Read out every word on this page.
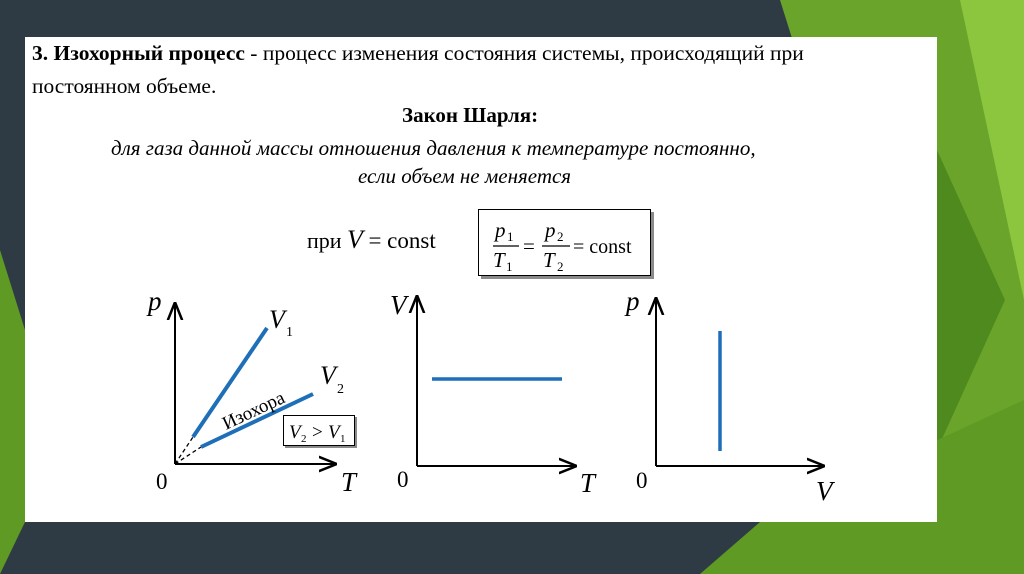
3. Изохорный процесс - процесс изменения состояния системы, происходящий при
постоянном объеме.
Закон Шарля:
для газа данной массы отношения давления к температуре постоянно,
если объем не меняется
при V = const	p 1
T 1
=
p 2
T 2
= const
p
T
0
V 1
V 2
Изохора
V
T
0
p
V
0
V 2 > V 1
